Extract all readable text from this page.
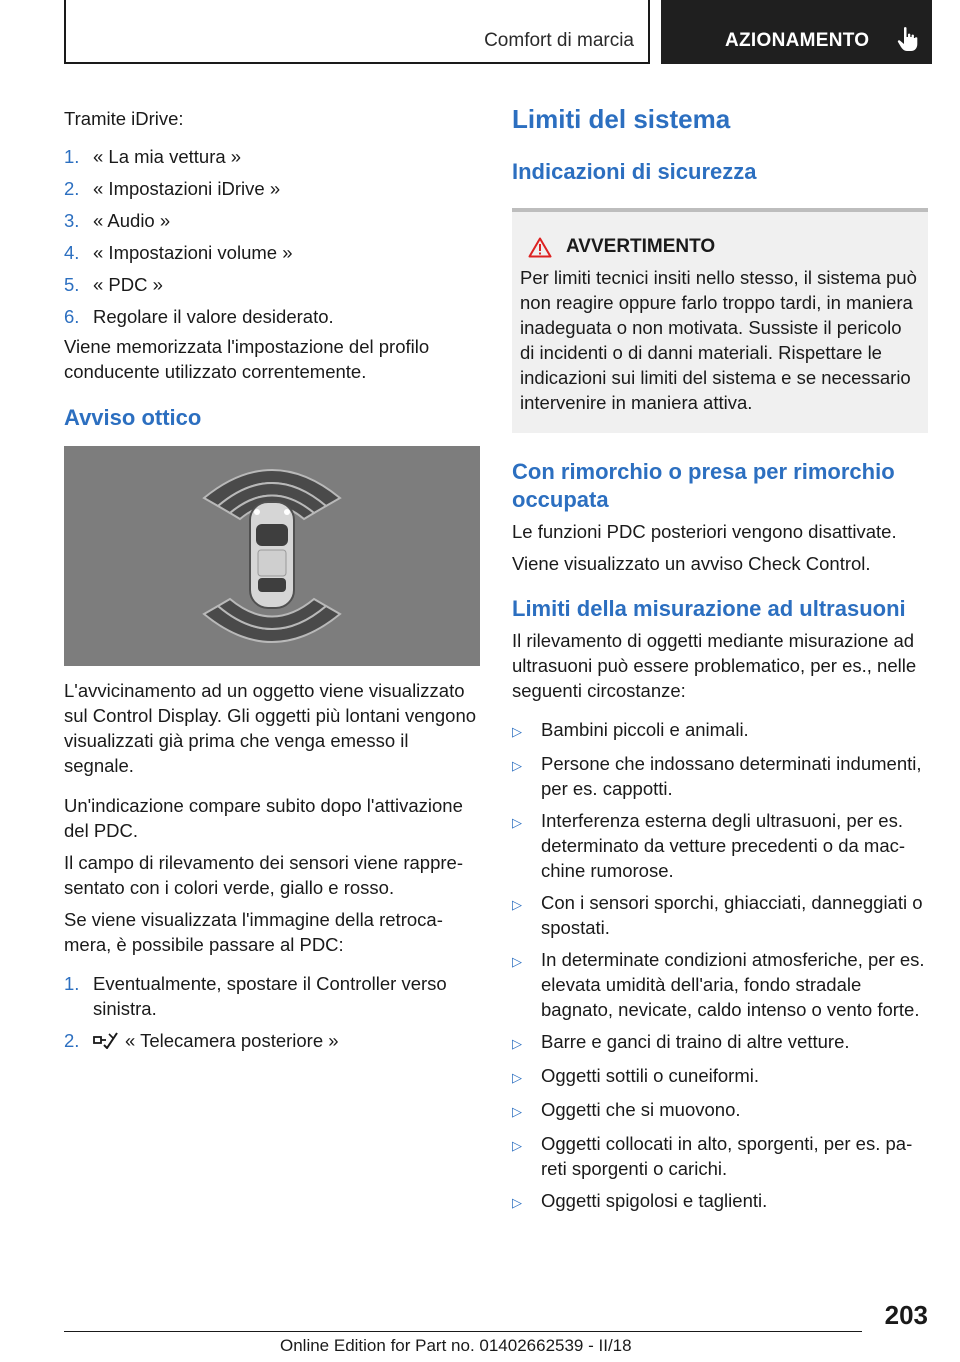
Comfort di marcia	AZIONAMENTO

Tramite iDrive:

1. « La mia vettura »
2. « Impostazioni iDrive »
3. « Audio »
4. « Impostazioni volume »
5. « PDC »
6. Regolare il valore desiderato.

Viene memorizzata l'impostazione del profilo conducente utilizzato correntemente.

Avviso ottico

L'avvicinamento ad un oggetto viene visualizzato sul Control Display. Gli oggetti più lontani vengono visualizzati già prima che venga emesso il segnale.

Un'indicazione compare subito dopo l'attivazione del PDC.

Il campo di rilevamento dei sensori viene rappresentato con i colori verde, giallo e rosso.

Se viene visualizzata l'immagine della retrocamera, è possibile passare al PDC:

1. Eventualmente, spostare il Controller verso sinistra.
2.	« Telecamera posteriore »
Limiti del sistema
Indicazioni di sicurezza
AVVERTIMENTO

Per limiti tecnici insiti nello stesso, il sistema può non reagire oppure farlo troppo tardi, in maniera inadeguata o non motivata. Sussiste il pericolo di incidenti o di danni materiali. Rispettare le indicazioni sui limiti del sistema e se necessario intervenire in maniera attiva.

Con rimorchio o presa per rimorchio occupata

Le funzioni PDC posteriori vengono disattivate.

Viene visualizzato un avviso Check Control.

Limiti della misurazione ad ultrasuoni

Il rilevamento di oggetti mediante misurazione ad ultrasuoni può essere problematico, per es., nelle seguenti circostanze:

▷	Bambini piccoli e animali.
▷	Persone che indossano determinati indumenti, per es. cappotti.
▷	Interferenza esterna degli ultrasuoni, per es. determinato da vetture precedenti o da macchine rumorose.
▷	Con i sensori sporchi, ghiacciati, danneggiati o spostati.
▷	In determinate condizioni atmosferiche, per es. elevata umidità dell'aria, fondo stradale bagnato, nevicate, caldo intenso o vento forte.
▷	Barre e ganci di traino di altre vetture.
▷	Oggetti sottili o cuneiformi.
▷	Oggetti che si muovono.
▷	Oggetti collocati in alto, sporgenti, per es. pareti sporgenti o carichi.
▷	Oggetti spigolosi e taglienti.
203
Online Edition for Part no. 01402662539 - II/18
